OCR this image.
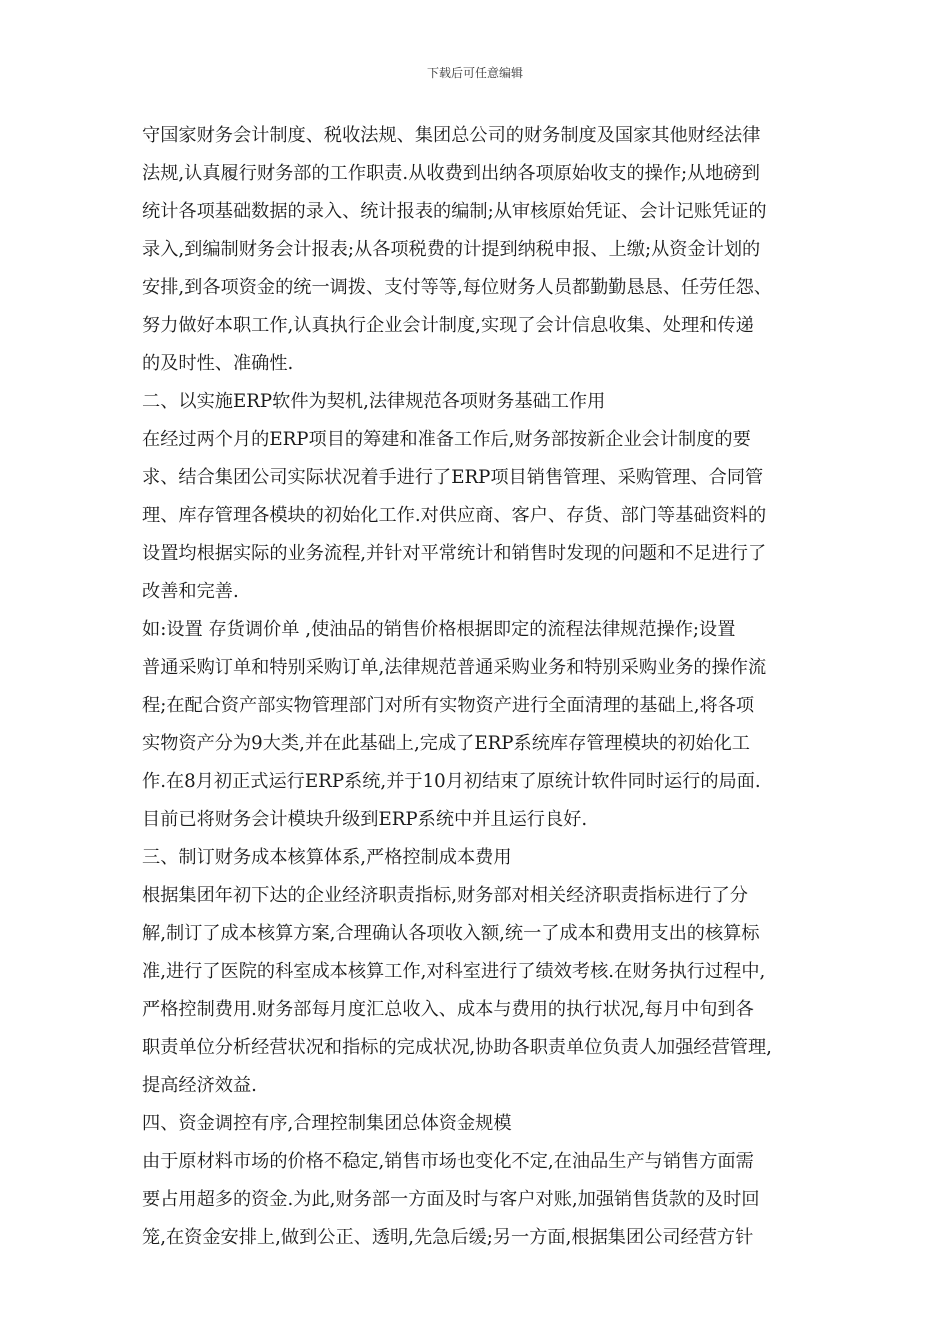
下载后可任意编辑
守国家财务会计制度、税收法规、集团总公司的财务制度及国家其他财经法律
法规,认真履行财务部的工作职责.从收费到出纳各项原始收支的操作;从地磅到
统计各项基础数据的录入、统计报表的编制;从审核原始凭证、会计记账凭证的
录入,到编制财务会计报表;从各项税费的计提到纳税申报、上缴;从资金计划的
安排,到各项资金的统一调拨、支付等等,每位财务人员都勤勤恳恳、任劳任怨、
努力做好本职工作,认真执行企业会计制度,实现了会计信息收集、处理和传递
的及时性、准确性.
二、以实施ERP软件为契机,法律规范各项财务基础工作用
在经过两个月的ERP项目的筹建和准备工作后,财务部按新企业会计制度的要
求、结合集团公司实际状况着手进行了ERP项目销售管理、采购管理、合同管
理、库存管理各模块的初始化工作.对供应商、客户、存货、部门等基础资料的
设置均根据实际的业务流程,并针对平常统计和销售时发现的问题和不足进行了
改善和完善.
如:设置 存货调价单 ,使油品的销售价格根据即定的流程法律规范操作;设置
普通采购订单和特别采购订单,法律规范普通采购业务和特别采购业务的操作流
程;在配合资产部实物管理部门对所有实物资产进行全面清理的基础上,将各项
实物资产分为9大类,并在此基础上,完成了ERP系统库存管理模块的初始化工
作.在8月初正式运行ERP系统,并于10月初结束了原统计软件同时运行的局面.
目前已将财务会计模块升级到ERP系统中并且运行良好.
三、制订财务成本核算体系,严格控制成本费用
根据集团年初下达的企业经济职责指标,财务部对相关经济职责指标进行了分
解,制订了成本核算方案,合理确认各项收入额,统一了成本和费用支出的核算标
准,进行了医院的科室成本核算工作,对科室进行了绩效考核.在财务执行过程中,
严格控制费用.财务部每月度汇总收入、成本与费用的执行状况,每月中旬到各
职责单位分析经营状况和指标的完成状况,协助各职责单位负责人加强经营管理,
提高经济效益.
四、资金调控有序,合理控制集团总体资金规模
由于原材料市场的价格不稳定,销售市场也变化不定,在油品生产与销售方面需
要占用超多的资金.为此,财务部一方面及时与客户对账,加强销售货款的及时回
笼,在资金安排上,做到公正、透明,先急后缓;另一方面,根据集团公司经营方针
